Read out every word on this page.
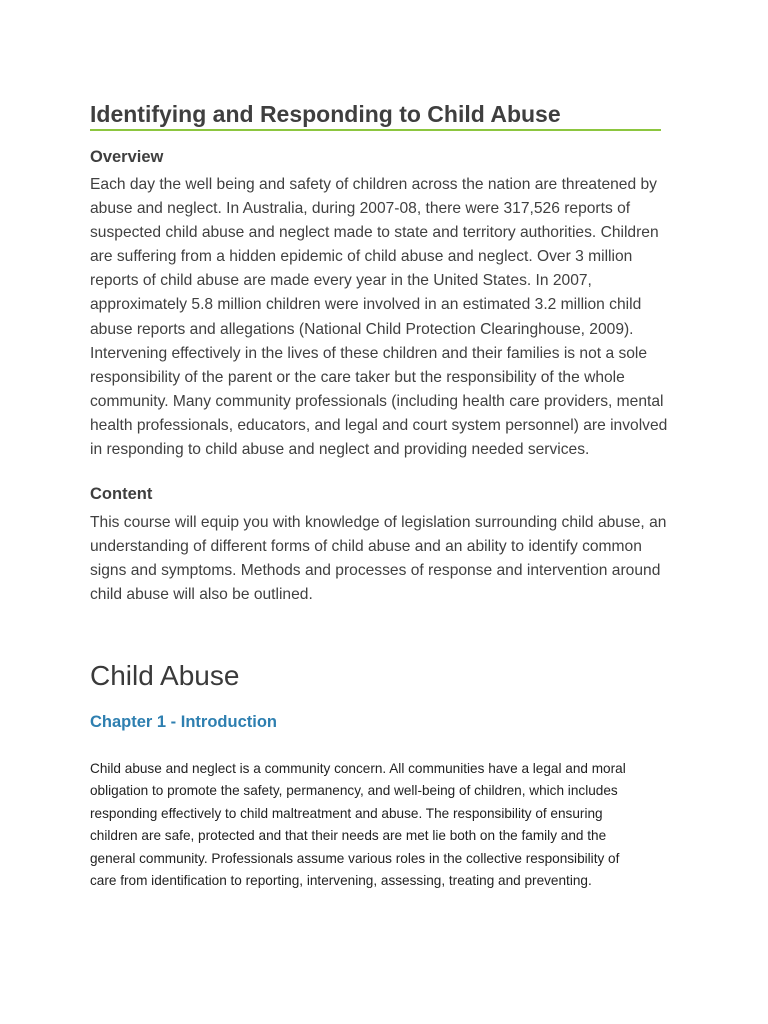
Identifying and Responding to Child Abuse
Overview

Each day the well being and safety of children across the nation are threatened by
abuse and neglect. In Australia, during 2007-08, there were 317,526 reports of
suspected child abuse and neglect made to state and territory authorities. Children
are suffering from a hidden epidemic of child abuse and neglect. Over 3 million
reports of child abuse are made every year in the United States. In 2007,
approximately 5.8 million children were involved in an estimated 3.2 million child
abuse reports and allegations (National Child Protection Clearinghouse, 2009).
Intervening effectively in the lives of these children and their families is not a sole
responsibility of the parent or the care taker but the responsibility of the whole
community. Many community professionals (including health care providers, mental
health professionals, educators, and legal and court system personnel) are involved
in responding to child abuse and neglect and providing needed services.

Content

This course will equip you with knowledge of legislation surrounding child abuse, an
understanding of different forms of child abuse and an ability to identify common
signs and symptoms. Methods and processes of response and intervention around
child abuse will also be outlined.

Child Abuse
Chapter 1 - Introduction

Child abuse and neglect is a community concern. All communities have a legal and moral
obligation to promote the safety, permanency, and well-being of children, which includes
responding effectively to child maltreatment and abuse. The responsibility of ensuring
children are safe, protected and that their needs are met lie both on the family and the
general community. Professionals assume various roles in the collective responsibility of
care from identification to reporting, intervening, assessing, treating and preventing.
